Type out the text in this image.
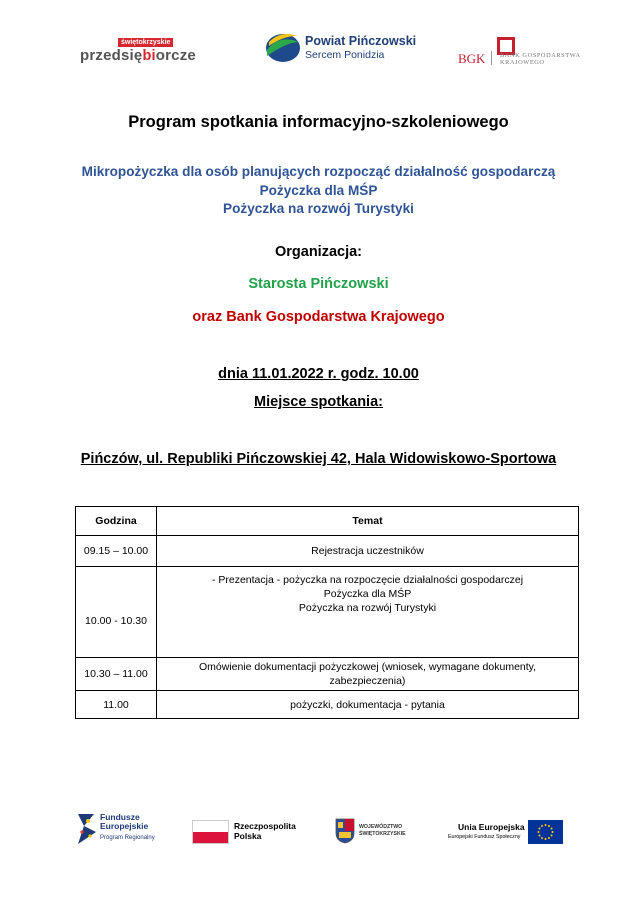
świętokrzyskie
przedsiębiorcze
Powiat Pińczowski
Sercem Ponidzia	BGK BANK GOSPODARSTWA
KRAJOWEGO
Program spotkania informacyjno-szkoleniowego
Mikropożyczka dla osób planujących rozpocząć działalność gospodarczą
Pożyczka dla MŚP
Pożyczka na rozwój Turystyki
Organizacja:
Starosta Pińczowski
oraz Bank Gospodarstwa Krajowego
dnia 11.01.2022 r. godz. 10.00
Miejsce spotkania:
Pińczów, ul. Republiki Pińczowskiej 42, Hala Widowiskowo-Sportowa
Godzina	Temat
09.15 – 10.00	Rejestracja uczestników
10.00 - 10.30	- Prezentacja - pożyczka na rozpoczęcie działalności gospodarczej
Pożyczka dla MŚP
Pożyczka na rozwój Turystyki

10.30 – 11.00	Omówienie dokumentacji pożyczkowej (wniosek, wymagane dokumenty,
zabezpieczenia)

11.00	pożyczki, dokumentacja - pytania
Fundusze
Europejskie
Program Regionalny
Rzeczpospolita
Polska
WOJEWÓDZTWO
ŚWIĘTOKRZYSKIE
Unia Europejska
Europejski Fundusz Społeczny
